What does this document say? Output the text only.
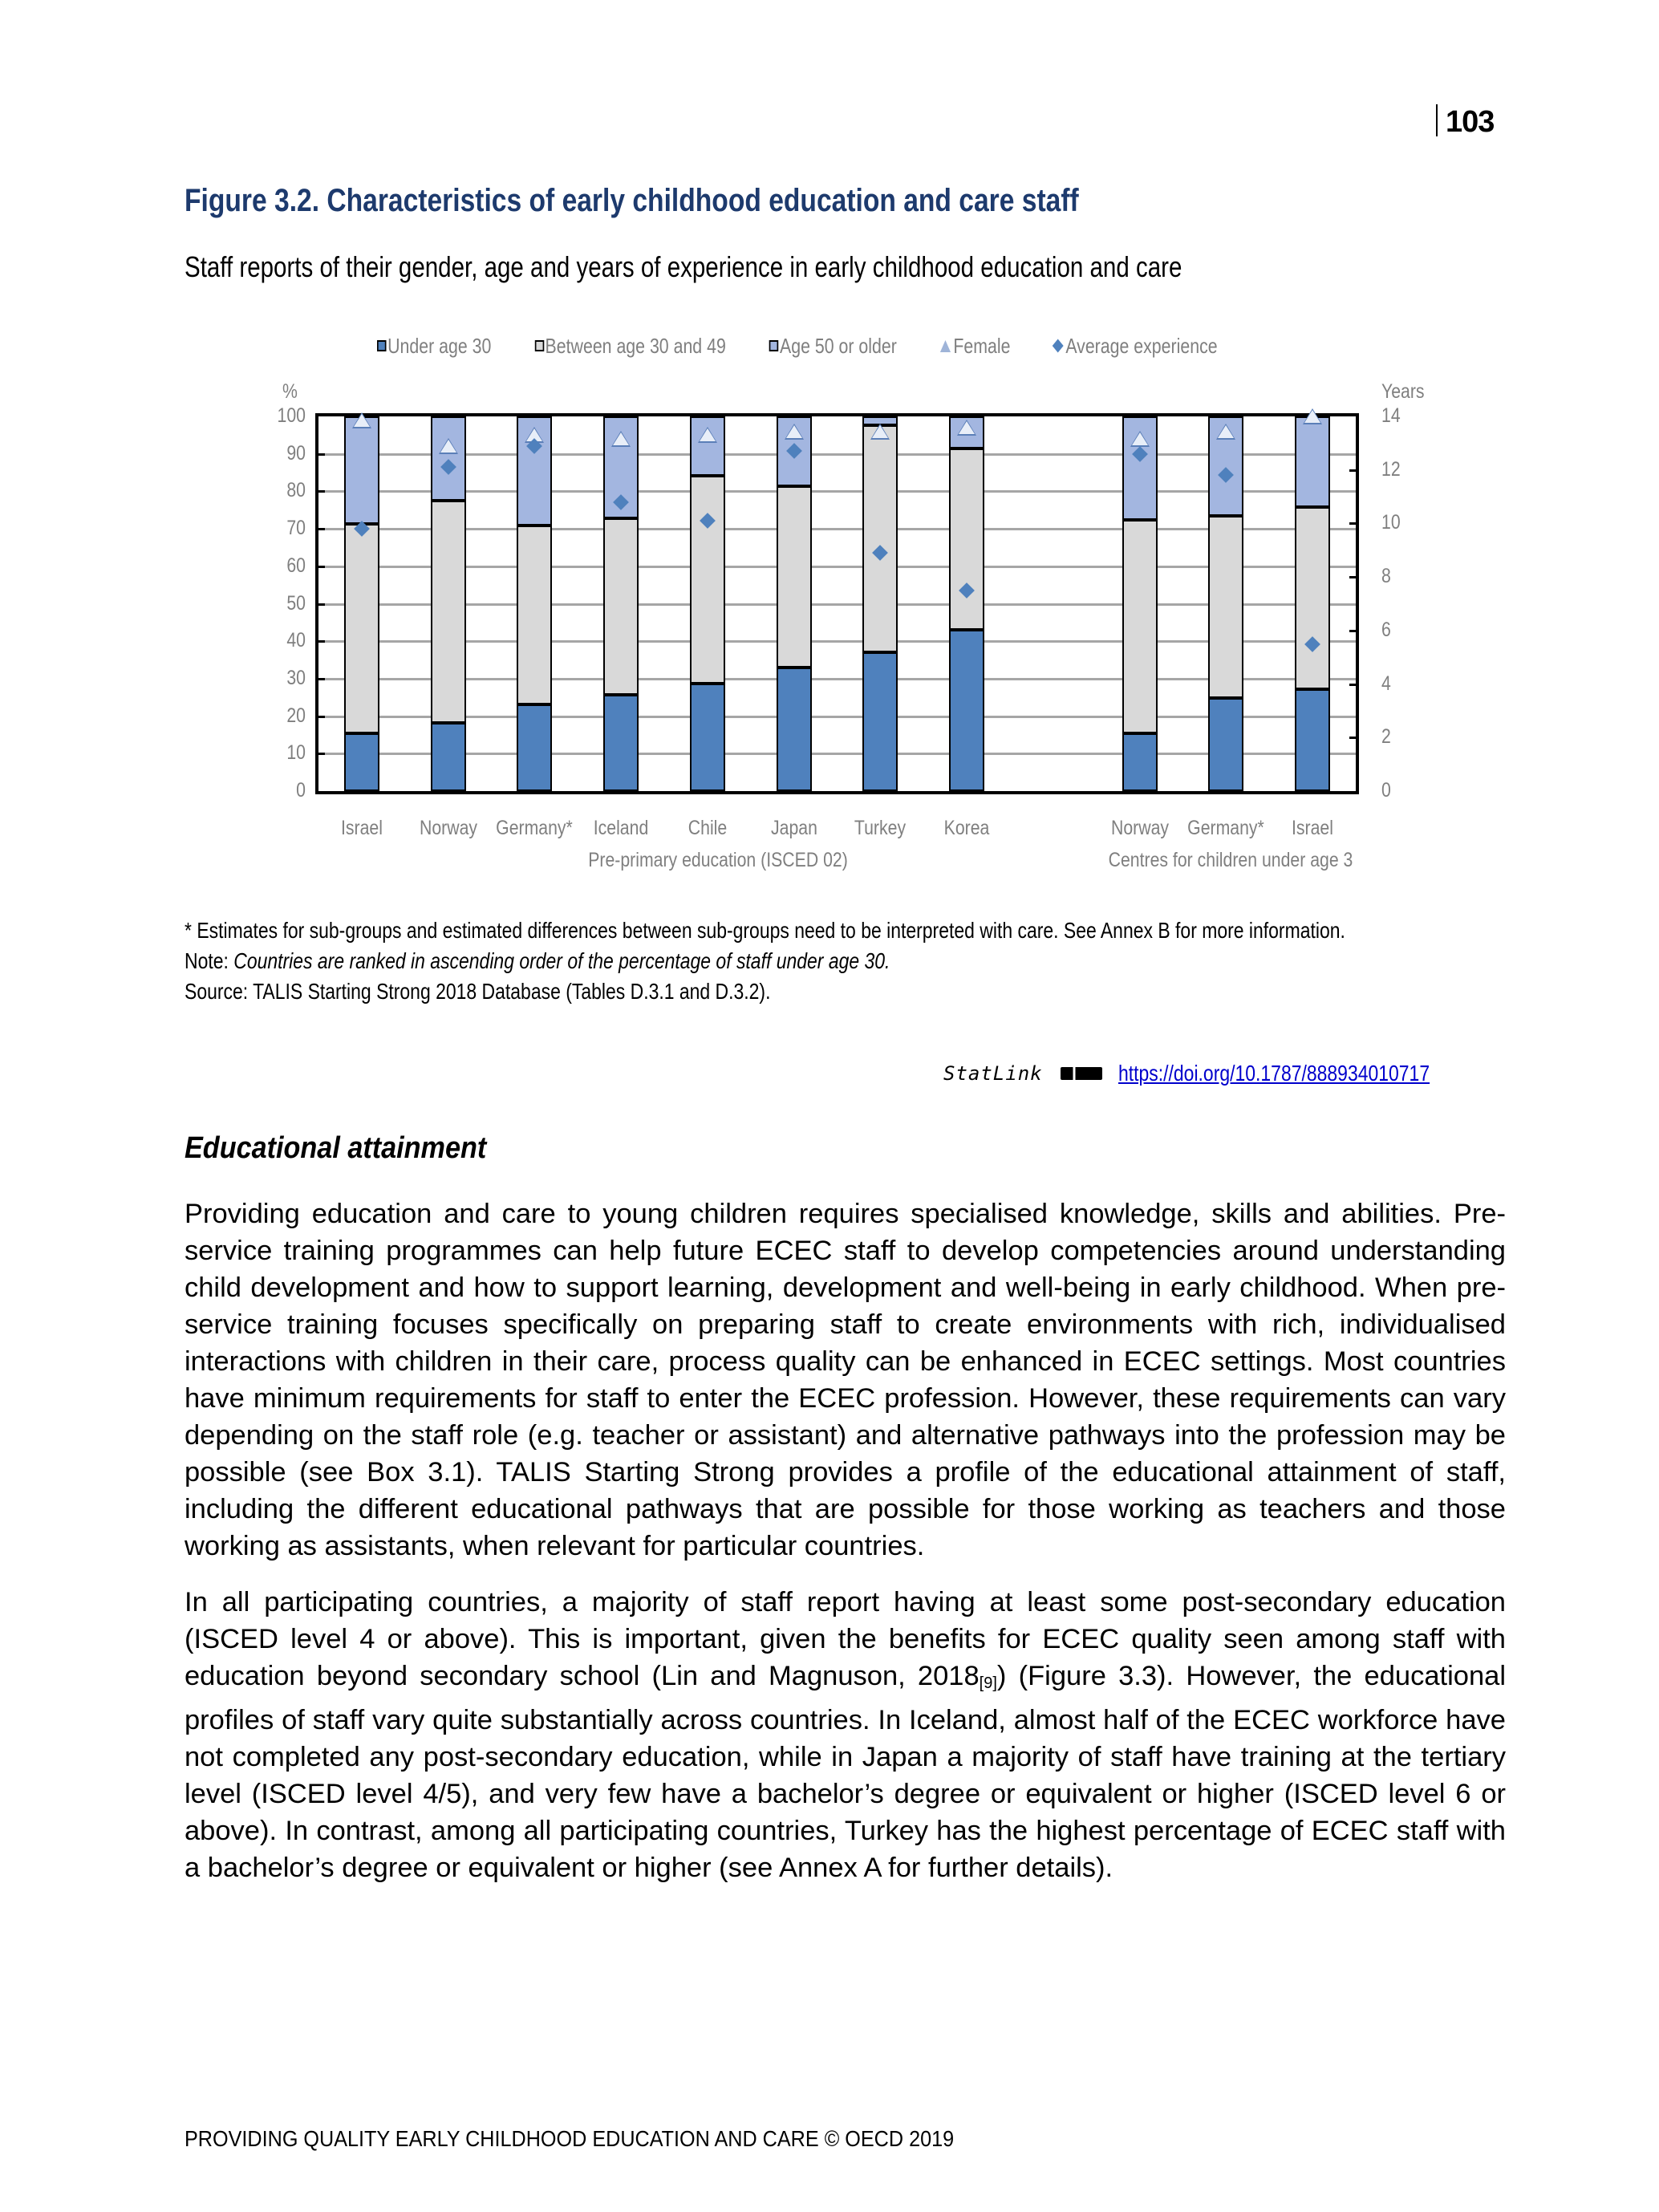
103
Figure 3.2. Characteristics of early childhood education and care staff
Staff reports of their gender, age and years of experience in early childhood education and care
Under age 30	Between age 30 and 49	Age 50 or older	Female	Average experience
%	Years
100
90
80
70
60
50
40
30
20
10
0
14
12
10
8
6
4
2
0
Israel	Norway Germany*	Iceland	Chile	Japan	Turkey	Korea	Norway Germany*	Israel
Pre-primary education (ISCED 02)	Centres for children under age 3
* Estimates for sub-groups and estimated differences between sub-groups need to be interpreted with care. See Annex B for more information.
Note: Countries are ranked in ascending order of the percentage of staff under age 30.
Source: TALIS Starting Strong 2018 Database (Tables D.3.1 and D.3.2).
StatLink	https://doi.org/10.1787/888934010717
Educational attainment

Providing education and care to young children requires specialised knowledge, skills and abilities. Pre-service training programmes can help future ECEC staff to develop competencies around understanding child development and how to support learning, development and well-being in early childhood. When pre-service training focuses specifically on preparing staff to create environments with rich, individualised interactions with children in their care, process quality can be enhanced in ECEC settings. Most countries have minimum requirements for staff to enter the ECEC profession. However, these requirements can vary depending on the staff role (e.g. teacher or assistant) and alternative pathways into the profession may be possible (see Box 3.1). TALIS Starting Strong provides a profile of the educational attainment of staff, including the different educational pathways that are possible for those working as teachers and those working as assistants, when relevant for particular countries.

In all participating countries, a majority of staff report having at least some post-secondary education (ISCED level 4 or above). This is important, given the benefits for ECEC quality seen among staff with education beyond secondary school (Lin and Magnuson, $2018_{[9]}$) (Figure 3.3). However, the educational profiles of staff vary quite substantially across countries. In Iceland, almost half of the ECEC workforce have not completed any post-secondary education, while in Japan a majority of staff have training at the tertiary level (ISCED level 4/5), and very few have a bachelor’s degree or equivalent or higher (ISCED level 6 or above). In contrast, among all participating countries, Turkey has the highest percentage of ECEC staff with a bachelor’s degree or equivalent or higher (see Annex A for further details).

PROVIDING QUALITY EARLY CHILDHOOD EDUCATION AND CARE © OECD 2019
